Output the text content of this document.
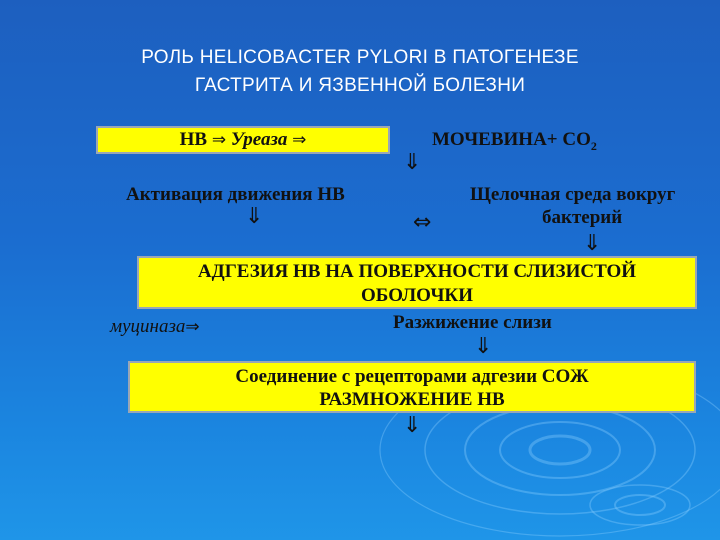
РОЛЬ HELICOBACTER PYLORI В ПАТОГЕНЕЗЕ
ГАСТРИТА И ЯЗВЕННОЙ БОЛЕЗНИ
НВ ⇒ Уреаза ⇒	МОЧЕВИНА+ $СО_2$
⇓
Активация движения НВ
⇓	⇔
Щелочная среда вокруг
бактерий
⇓
АДГЕЗИЯ НВ НА ПОВЕРХНОСТИ СЛИЗИСТОЙ
ОБОЛОЧКИ
муциназа⇒	Разжижение слизи
⇓
Соединение с рецепторами адгезии СОЖ
РАЗМНОЖЕНИЕ НВ
⇓
